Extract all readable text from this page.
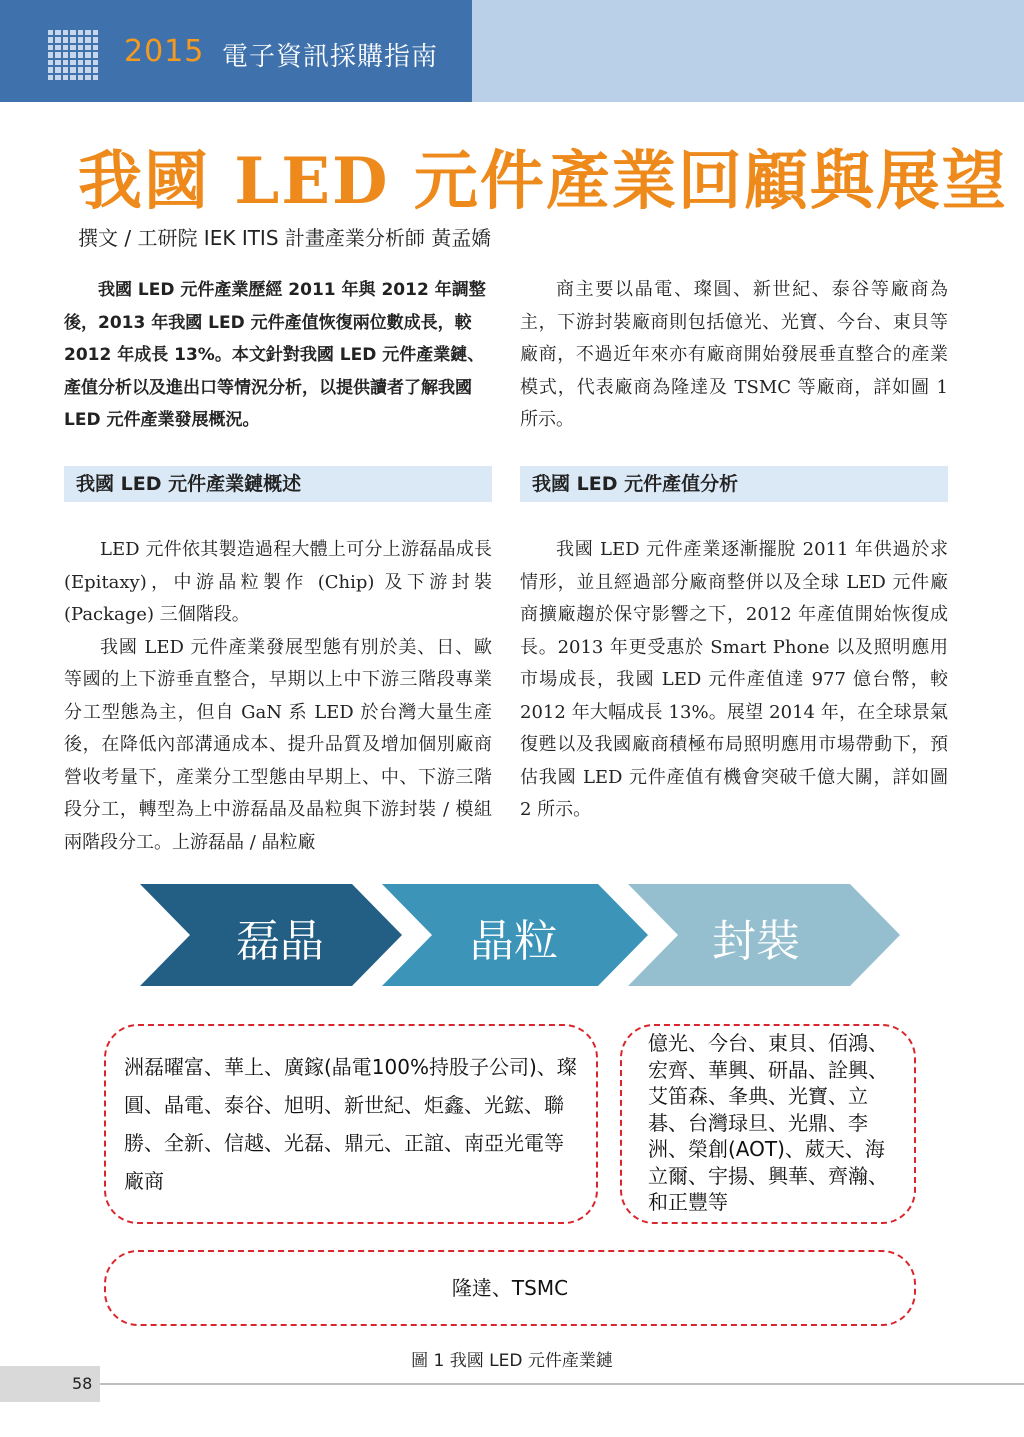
2015 電子資訊採購指南
我國 LED 元件產業回顧與展望
撰文 / 工研院 IEK ITIS 計畫產業分析師 黃孟嬌
我國 LED 元件產業歷經 2011 年與 2012 年調整後，2013 年我國 LED 元件產值恢復兩位數成長，較 2012 年成長 13%。本文針對我國 LED 元件產業鏈、產值分析以及進出口等情況分析，以提供讀者了解我國 LED 元件產業發展概況。
我國 LED 元件產業鏈概述

LED 元件依其製造過程大體上可分上游磊晶成長 (Epitaxy)，中游晶粒製作 (Chip) 及下游封裝 (Package) 三個階段。

我國 LED 元件產業發展型態有別於美、日、歐等國的上下游垂直整合，早期以上中下游三階段專業分工型態為主，但自 GaN 系 LED 於台灣大量生產後，在降低內部溝通成本、提升品質及增加個別廠商營收考量下，產業分工型態由早期上、中、下游三階段分工，轉型為上中游磊晶及晶粒與下游封裝 / 模組兩階段分工。上游磊晶 / 晶粒廠

商主要以晶電、璨圓、新世紀、泰谷等廠商為主，下游封裝廠商則包括億光、光寶、今台、東貝等廠商，不過近年來亦有廠商開始發展垂直整合的產業模式，代表廠商為隆達及 TSMC 等廠商，詳如圖 1 所示。
我國 LED 元件產值分析

我國 LED 元件產業逐漸擺脫 2011 年供過於求情形，並且經過部分廠商整併以及全球 LED 元件廠商擴廠趨於保守影響之下，2012 年產值開始恢復成長。2013 年更受惠於 Smart Phone 以及照明應用市場成長，我國 LED 元件產值達 977 億台幣，較 2012 年大幅成長 13%。展望 2014 年，在全球景氣復甦以及我國廠商積極布局照明應用市場帶動下，預估我國 LED 元件產值有機會突破千億大關，詳如圖 2 所示。

磊晶	晶粒	封裝
洲磊曜富、華上、廣鎵(晶電100%持股子公司)、璨圓、晶電、泰谷、旭明、新世紀、炬鑫、光鋐、聯勝、全新、信越、光磊、鼎元、正誼、南亞光電等廠商
億光、今台、東貝、佰鴻、宏齊、華興、研晶、詮興、艾笛森、夆典、光寶、立碁、台灣琭旦、光鼎、李洲、榮創(AOT)、葳天、海立爾、宇揚、興華、齊瀚、和正豐等
隆達、TSMC
圖 1 我國 LED 元件產業鏈
58
